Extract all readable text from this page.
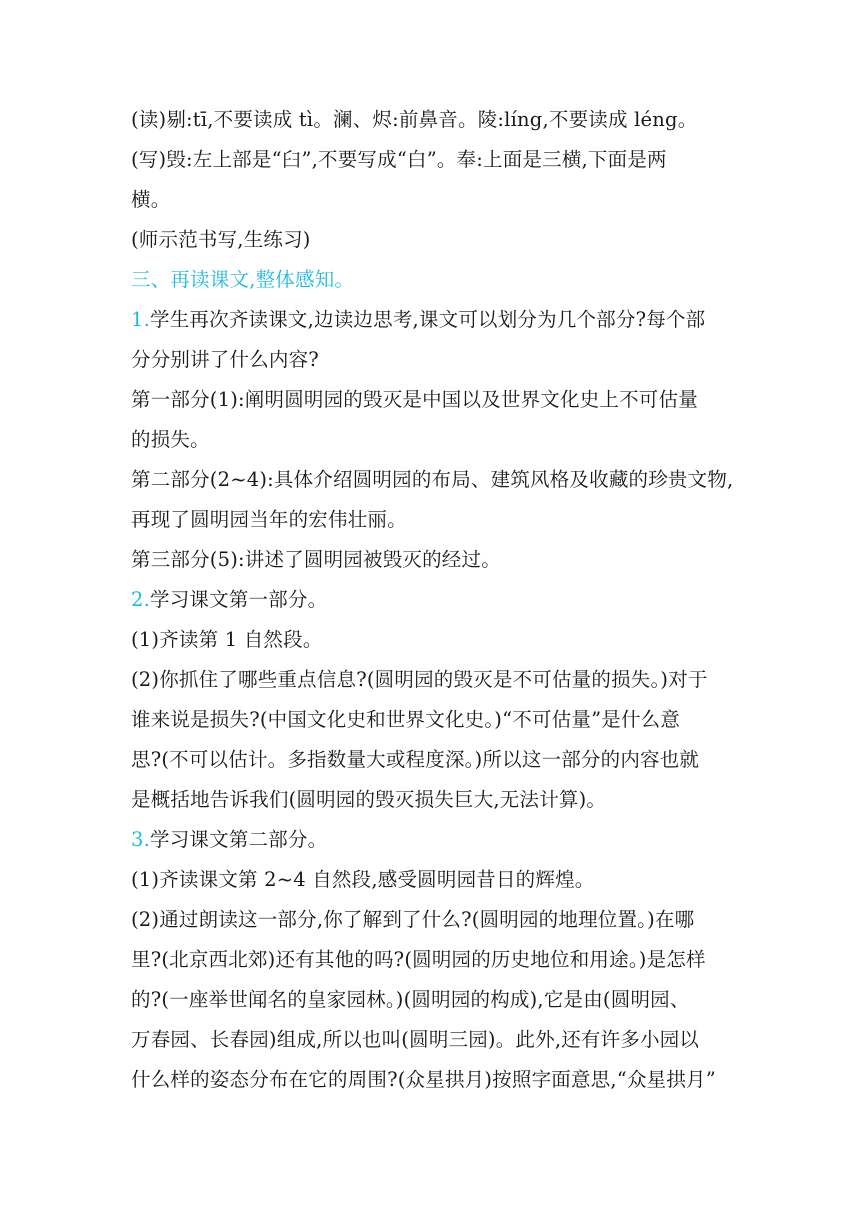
(读)剔:tī,不要读成 tì。澜、烬:前鼻音。陵:líng,不要读成 léng。
(写)毁:左上部是“臼”,不要写成“白”。奉:上面是三横,下面是两
横。
(师示范书写,生练习)
三、再读课文,整体感知。
1.学生再次齐读课文,边读边思考,课文可以划分为几个部分?每个部
分分别讲了什么内容?
第一部分(1):阐明圆明园的毁灭是中国以及世界文化史上不可估量
的损失。
第二部分(2~4):具体介绍圆明园的布局、建筑风格及收藏的珍贵文物,
再现了圆明园当年的宏伟壮丽。
第三部分(5):讲述了圆明园被毁灭的经过。
2.学习课文第一部分。
(1)齐读第 1 自然段。
(2)你抓住了哪些重点信息?(圆明园的毁灭是不可估量的损失。)对于
谁来说是损失?(中国文化史和世界文化史。)“不可估量”是什么意
思?(不可以估计。多指数量大或程度深。)所以这一部分的内容也就
是概括地告诉我们(圆明园的毁灭损失巨大,无法计算)。
3.学习课文第二部分。
(1)齐读课文第 2~4 自然段,感受圆明园昔日的辉煌。
(2)通过朗读这一部分,你了解到了什么?(圆明园的地理位置。)在哪
里?(北京西北郊)还有其他的吗?(圆明园的历史地位和用途。)是怎样
的?(一座举世闻名的皇家园林。)(圆明园的构成),它是由(圆明园、
万春园、长春园)组成,所以也叫(圆明三园)。此外,还有许多小园以
什么样的姿态分布在它的周围?(众星拱月)按照字面意思,“众星拱月”
